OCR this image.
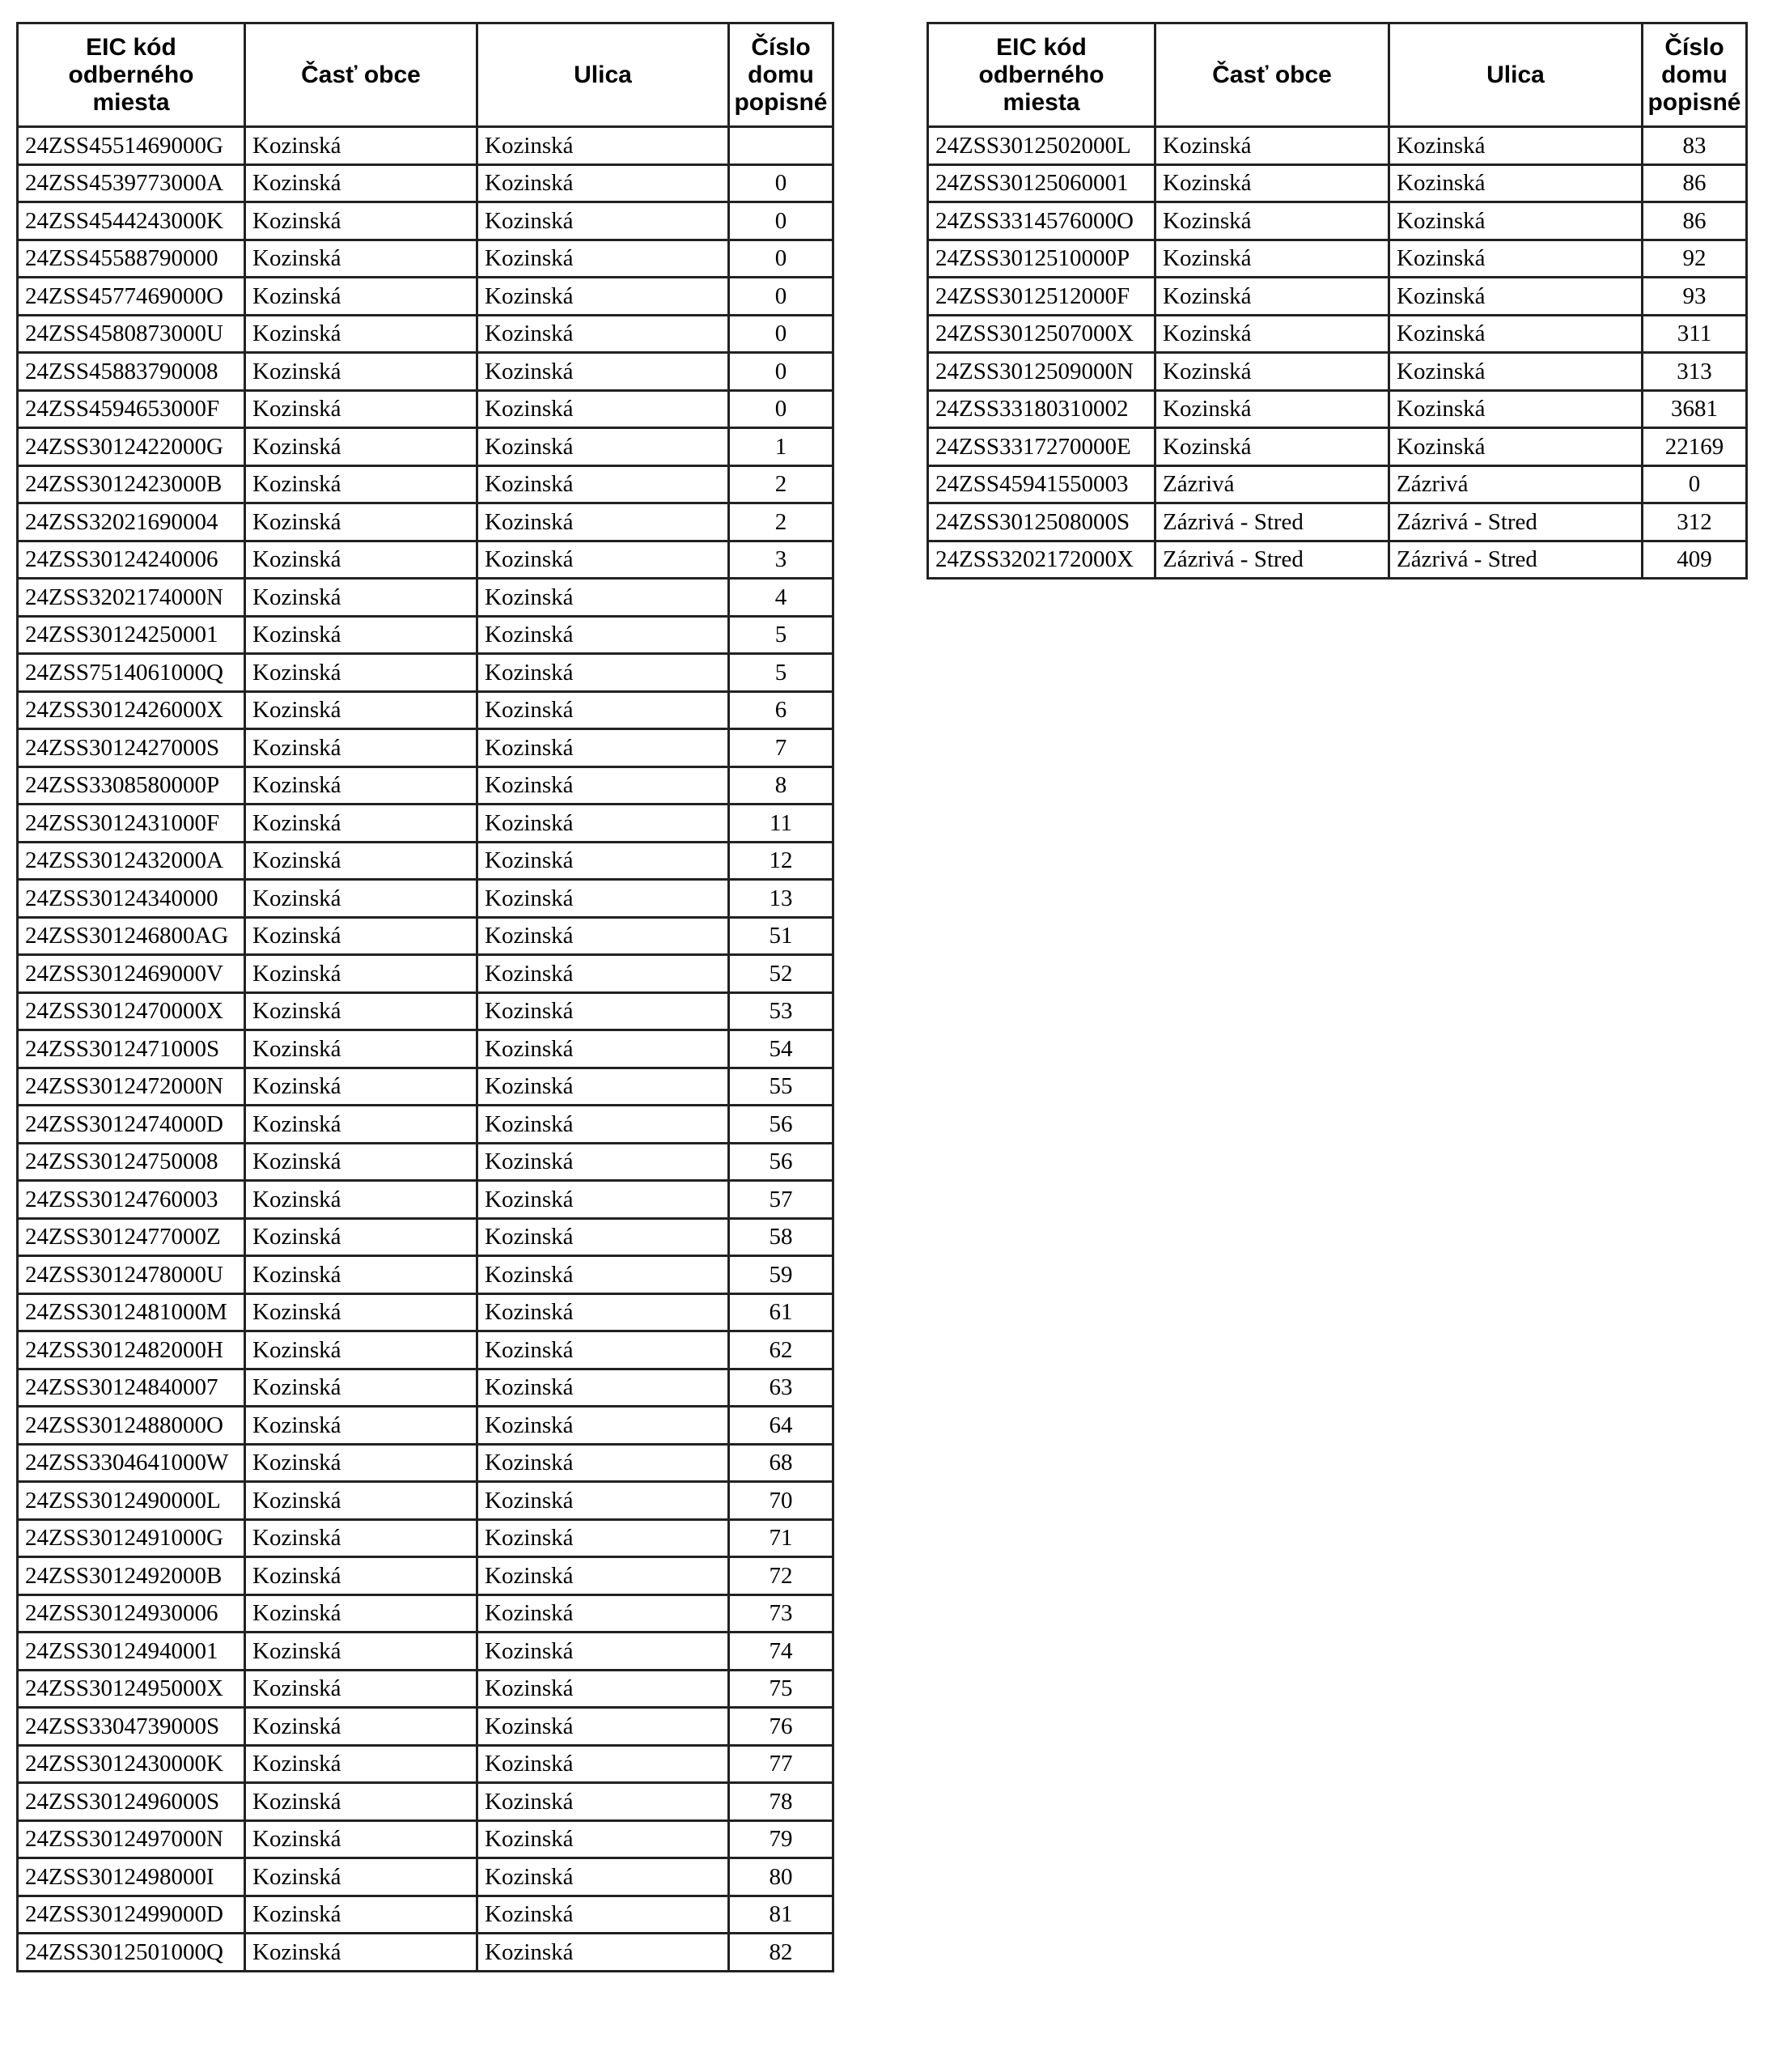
EIC kód
odberného
miesta	Časť obce	Ulica	Číslo
domu
popisné

24ZSS4551469000G	Kozinská	Kozinská	
24ZSS4539773000A	Kozinská	Kozinská	0
24ZSS4544243000K	Kozinská	Kozinská	0
24ZSS45588790000	Kozinská	Kozinská	0
24ZSS4577469000O	Kozinská	Kozinská	0
24ZSS4580873000U	Kozinská	Kozinská	0
24ZSS45883790008	Kozinská	Kozinská	0
24ZSS4594653000F	Kozinská	Kozinská	0
24ZSS3012422000G	Kozinská	Kozinská	1
24ZSS3012423000B	Kozinská	Kozinská	2
24ZSS32021690004	Kozinská	Kozinská	2
24ZSS30124240006	Kozinská	Kozinská	3
24ZSS3202174000N	Kozinská	Kozinská	4
24ZSS30124250001	Kozinská	Kozinská	5
24ZSS7514061000Q	Kozinská	Kozinská	5
24ZSS3012426000X	Kozinská	Kozinská	6
24ZSS3012427000S	Kozinská	Kozinská	7
24ZSS3308580000P	Kozinská	Kozinská	8
24ZSS3012431000F	Kozinská	Kozinská	11
24ZSS3012432000A	Kozinská	Kozinská	12
24ZSS30124340000	Kozinská	Kozinská	13
24ZSS301246800AG	Kozinská	Kozinská	51
24ZSS3012469000V	Kozinská	Kozinská	52
24ZSS3012470000X	Kozinská	Kozinská	53
24ZSS3012471000S	Kozinská	Kozinská	54
24ZSS3012472000N	Kozinská	Kozinská	55
24ZSS3012474000D	Kozinská	Kozinská	56
24ZSS30124750008	Kozinská	Kozinská	56
24ZSS30124760003	Kozinská	Kozinská	57
24ZSS3012477000Z	Kozinská	Kozinská	58
24ZSS3012478000U	Kozinská	Kozinská	59
24ZSS3012481000M	Kozinská	Kozinská	61
24ZSS3012482000H	Kozinská	Kozinská	62
24ZSS30124840007	Kozinská	Kozinská	63
24ZSS3012488000O	Kozinská	Kozinská	64
24ZSS3304641000W	Kozinská	Kozinská	68
24ZSS3012490000L	Kozinská	Kozinská	70
24ZSS3012491000G	Kozinská	Kozinská	71
24ZSS3012492000B	Kozinská	Kozinská	72
24ZSS30124930006	Kozinská	Kozinská	73
24ZSS30124940001	Kozinská	Kozinská	74
24ZSS3012495000X	Kozinská	Kozinská	75
24ZSS3304739000S	Kozinská	Kozinská	76
24ZSS3012430000K	Kozinská	Kozinská	77
24ZSS3012496000S	Kozinská	Kozinská	78
24ZSS3012497000N	Kozinská	Kozinská	79
24ZSS3012498000I	Kozinská	Kozinská	80
24ZSS3012499000D	Kozinská	Kozinská	81
24ZSS3012501000Q	Kozinská	Kozinská	82
EIC kód
odberného
miesta	Časť obce	Ulica	Číslo
domu
popisné

24ZSS3012502000L	Kozinská	Kozinská	83
24ZSS30125060001	Kozinská	Kozinská	86
24ZSS3314576000O	Kozinská	Kozinská	86
24ZSS3012510000P	Kozinská	Kozinská	92
24ZSS3012512000F	Kozinská	Kozinská	93
24ZSS3012507000X	Kozinská	Kozinská	311
24ZSS3012509000N	Kozinská	Kozinská	313
24ZSS33180310002	Kozinská	Kozinská	3681
24ZSS3317270000E	Kozinská	Kozinská	22169
24ZSS45941550003	Zázrivá	Zázrivá	0
24ZSS3012508000S	Zázrivá - Stred	Zázrivá - Stred	312
24ZSS3202172000X	Zázrivá - Stred	Zázrivá - Stred	409
